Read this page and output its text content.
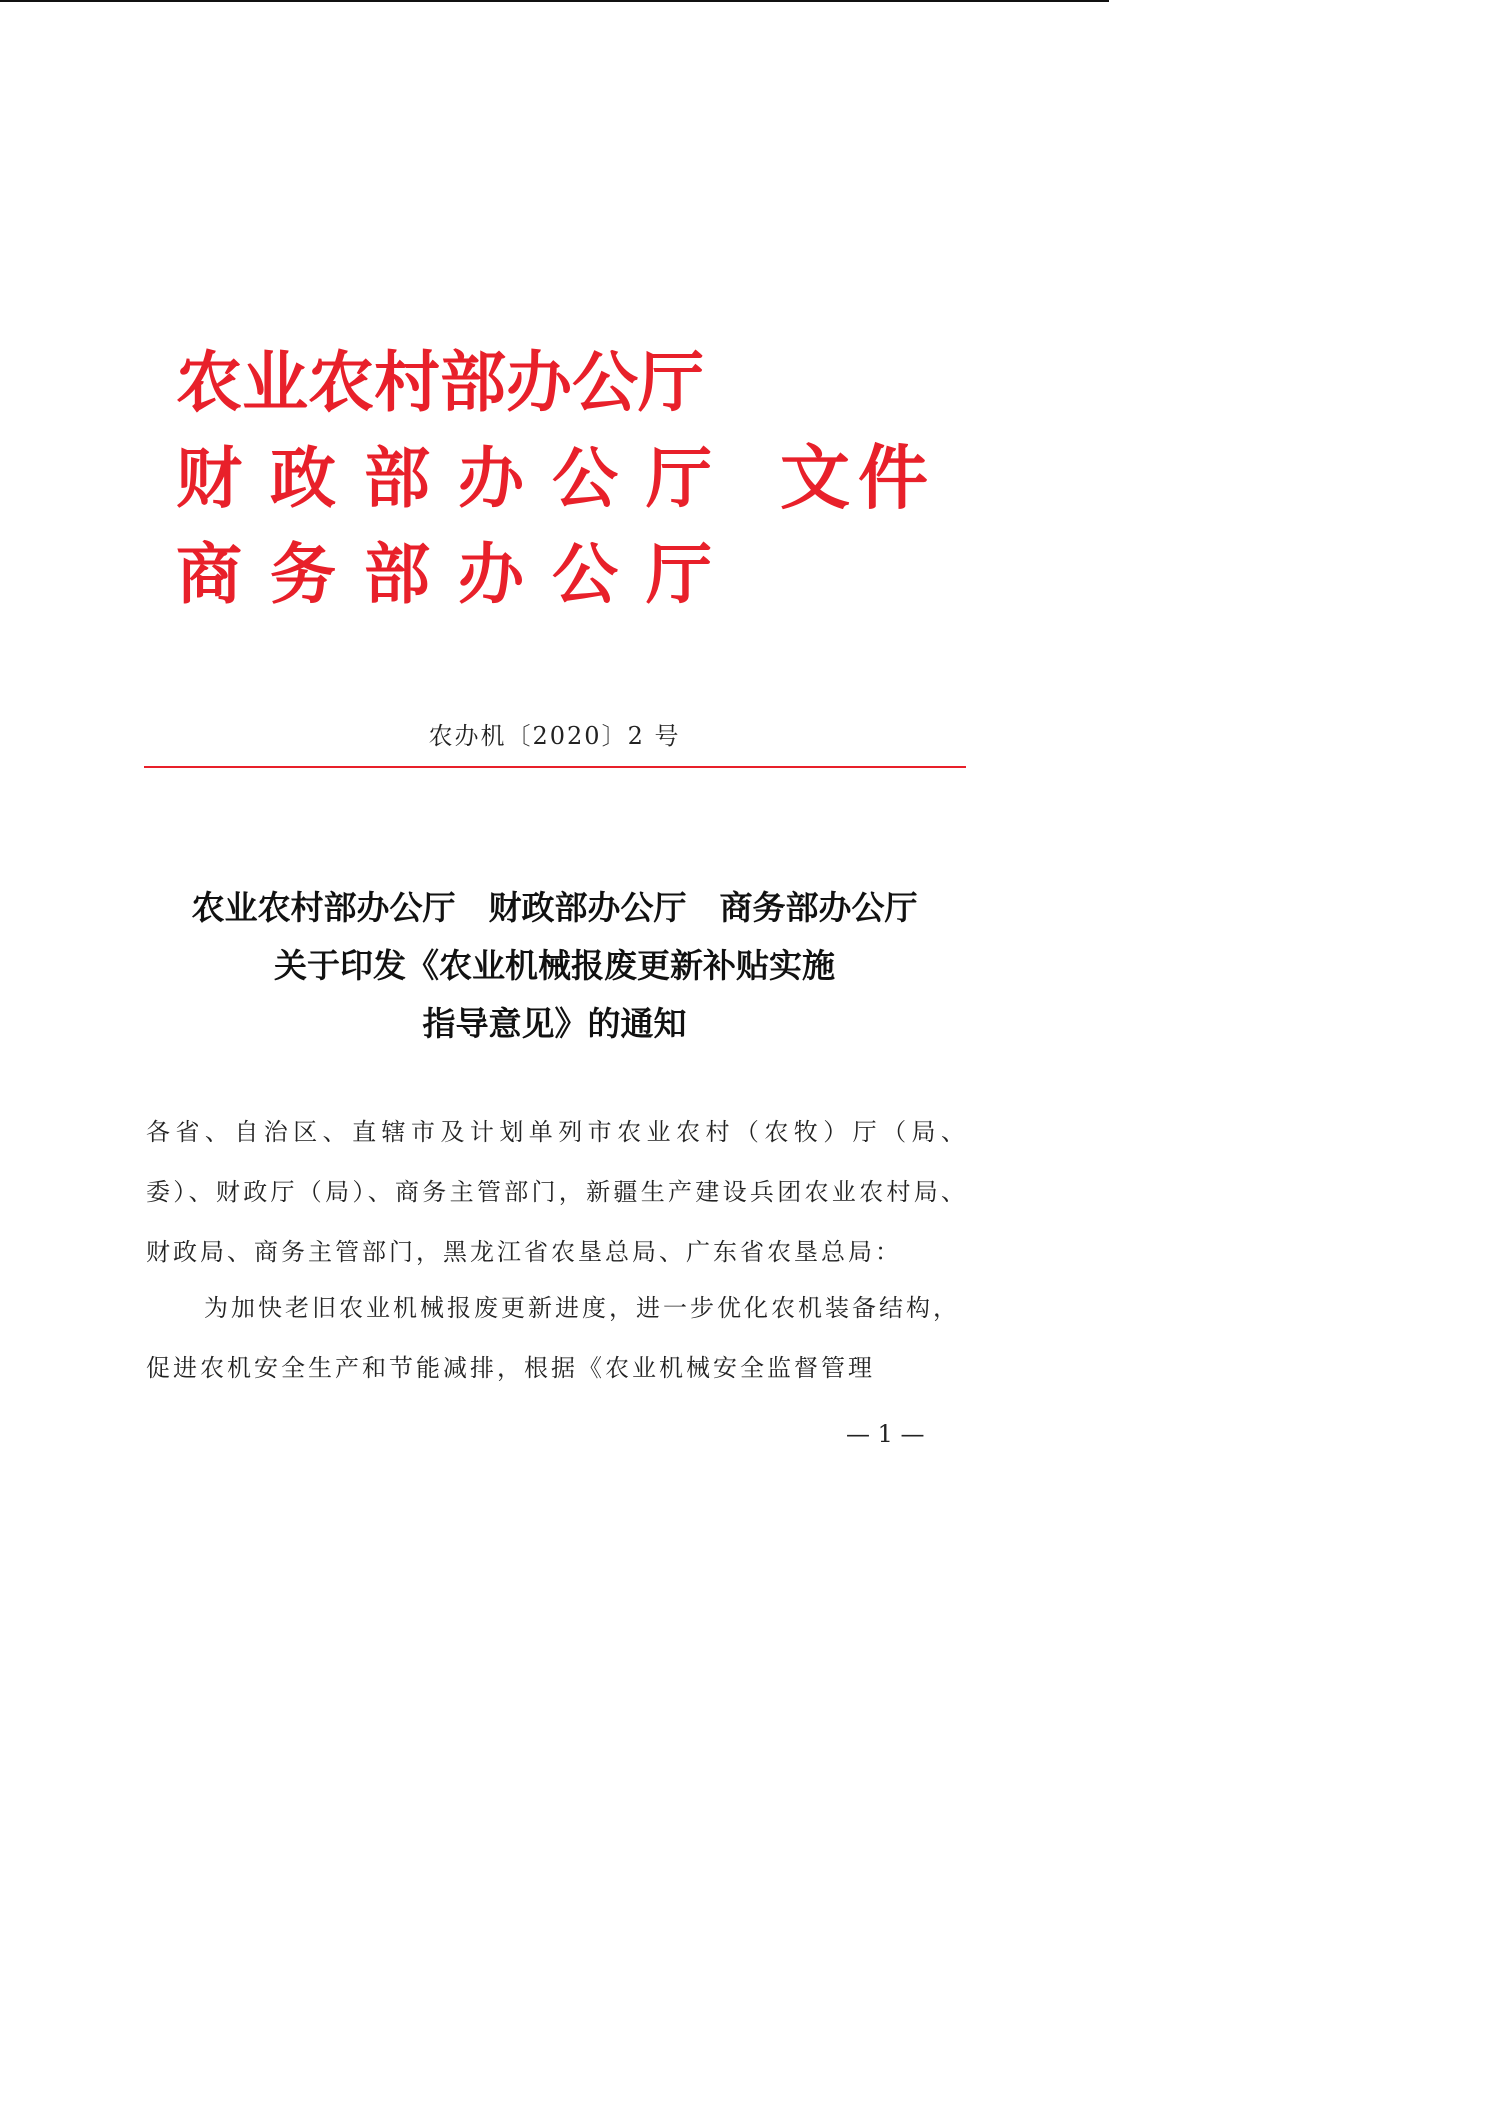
农业农村部办公厅
财政部办公厅
商务部办公厅
文件
农办机〔2020〕2 号
农业农村部办公厅　财政部办公厅　商务部办公厅
关于印发《农业机械报废更新补贴实施
指导意见》的通知
各省、自治区、直辖市及计划单列市农业农村（农牧）厅（局、委）、财政厅（局）、商务主管部门，新疆生产建设兵团农业农村局、财政局、商务主管部门，黑龙江省农垦总局、广东省农垦总局：
为加快老旧农业机械报废更新进度，进一步优化农机装备结构，促进农机安全生产和节能减排，根据《农业机械安全监督管理
— 1 —
